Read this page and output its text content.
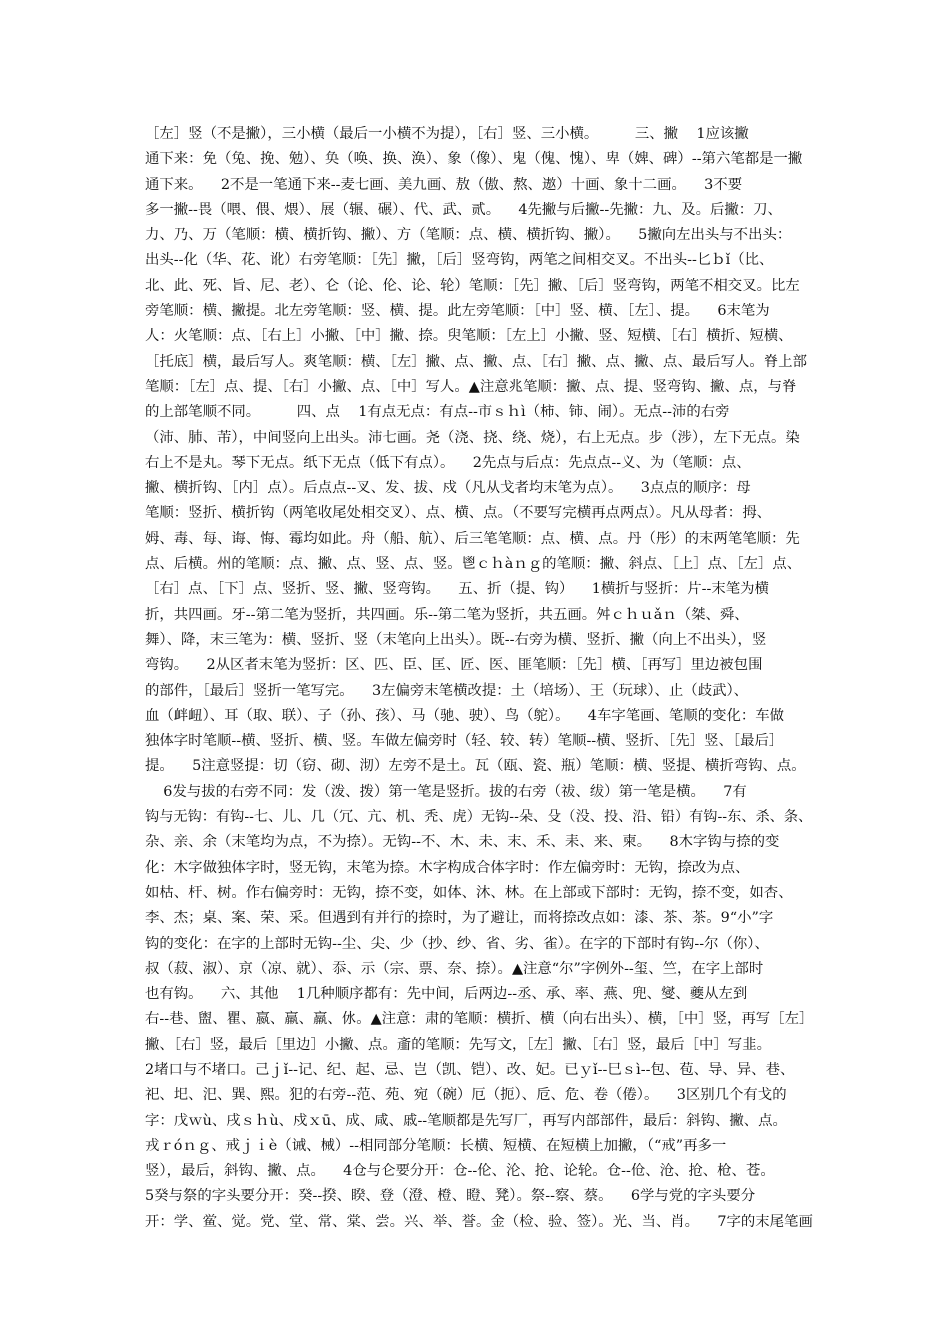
［左］竖（不是撇），三小横（最后一小横不为提），［右］竖、三小横。        三、撇    1应该撇
通下来：免（兔、挽、勉）、奂（唤、换、涣）、象（像）、鬼（傀、愧）、卑（婢、碑）--第六笔都是一撇
通下来。    2不是一笔通下来--麦七画、美九画、敖（傲、熬、遨）十画、象十二画。    3不要
多一撇--畏（喂、偎、煨）、展（辗、碾）、代、武、贰。    4先撇与后撇--先撇：九、及。后撇：刀、
力、乃、万（笔顺：横、横折钩、撇）、方（笔顺：点、横、横折钩、撇）。    5撇向左出头与不出头：
出头--化（华、花、讹）右旁笔顺：［先］撇，［后］竖弯钩，两笔之间相交叉。不出头--匕ｂǐ（比、
北、此、死、旨、尼、老）、仑（论、伦、论、轮）笔顺：［先］撇、［后］竖弯钩，两笔不相交叉。比左
旁笔顺：横、撇提。北左旁笔顺：竖、横、提。此左旁笔顺：［中］竖、横、［左］、提。    6末笔为
人：火笔顺：点、［右上］小撇、［中］撇、捺。臾笔顺：［左上］小撇、竖、短横、［右］横折、短横、
［托底］横，最后写人。爽笔顺：横、［左］撇、点、撇、点、［右］撇、点、撇、点、最后写人。脊上部
笔顺：［左］点、提、［右］小撇、点、［中］写人。▲注意兆笔顺：撇、点、提、竖弯钩、撇、点，与脊
的上部笔顺不同。        四、点    1有点无点：有点--市ｓｈì（柿、铈、闹）。无点--沛的右旁
（沛、肺、芾），中间竖向上出头。沛七画。尧（浇、挠、绕、烧），右上无点。步（涉），左下无点。染
右上不是丸。琴下无点。纸下无点（低下有点）。    2先点与后点：先点点--义、为（笔顺：点、
撇、横折钩、［内］点）。后点点--叉、发、拔、戍（凡从戈者均末笔为点）。    3点点的顺序：母
笔顺：竖折、横折钩（两笔收尾处相交叉）、点、横、点。（不要写完横再点两点）。凡从母者：拇、
姆、毒、每、诲、悔、霉均如此。舟（船、航）、后三笔笔顺：点、横、点。丹（彤）的末两笔笔顺：先
点、后横。州的笔顺：点、撇、点、竖、点、竖。鬯ｃｈàｎｇ的笔顺：撇、斜点、［上］点、［左］点、
［右］点、［下］点、竖折、竖、撇、竖弯钩。    五、折（提、钩）    1横折与竖折：片--末笔为横
折，共四画。牙--第二笔为竖折，共四画。乐--第二笔为竖折，共五画。舛ｃｈｕǎｎ（桀、舜、
舞）、降，末三笔为：横、竖折、竖（末笔向上出头）。既--右旁为横、竖折、撇（向上不出头），竖
弯钩。    2从区者末笔为竖折：区、匹、臣、匡、匠、医、匪笔顺：［先］横、［再写］里边被包围
的部件，［最后］竖折一笔写完。    3左偏旁末笔横改提：土（培场）、王（玩球）、止（歧武）、
血（衅衄）、耳（取、联）、子（孙、孩）、马（驰、驶）、鸟（鸵）。    4车字笔画、笔顺的变化：车做
独体字时笔顺--横、竖折、横、竖。车做左偏旁时（轻、较、转）笔顺--横、竖折、［先］竖、［最后］
提。    5注意竖提：切（窃、砌、沏）左旁不是土。瓦（瓯、瓷、瓶）笔顺：横、竖提、横折弯钩、点。
6发与拔的右旁不同：发（泼、拨）第一笔是竖折。拔的右旁（祓、绂）第一笔是横。    7有
钩与无钩：有钩--七、儿、几（冗、亢、机、秃、虎）无钩--朵、殳（没、投、沿、铅）有钩--东、杀、条、
杂、亲、余（末笔均为点，不为捺）。无钩--不、木、未、末、禾、耒、来、柬。    8木字钩与捺的变
化：木字做独体字时，竖无钩，末笔为捺。木字构成合体字时：作左偏旁时：无钩，捺改为点、
如枯、杆、树。作右偏旁时：无钩，捺不变，如体、沐、林。在上部或下部时：无钩，捺不变，如杏、
李、杰；桌、案、荣、采。但遇到有并行的捺时，为了避让，而将捺改点如：漆、茶、茶。9“小”字
钩的变化：在字的上部时无钩--尘、尖、少（抄、纱、省、劣、雀）。在字的下部时有钩--尔（你）、
叔（菽、淑）、京（凉、就）、忝、示（宗、票、奈、捺）。▲注意“尔”字例外--玺、竺，在字上部时
也有钩。    六、其他    1几种顺序都有：先中间，后两边--丞、承、率、燕、兜、燮、夔从左到
右--巷、盥、瞿、嬴、羸、羸、㲻。▲注意：肃的笔顺：横折、横（向右出头）、横，［中］竖，再写［左］
撇、［右］竖，最后［里边］小撇、点。齑的笔顺：先写文，［左］撇、［右］竖，最后［中］写韭。
2堵口与不堵口。己ｊǐ--记、纪、起、忌、岂（凯、铠）、改、妃。已ｙǐ--巳ｓì--包、苞、导、异、巷、
祀、圯、汜、巽、熙。犯的右旁--范、苑、宛（碗）厄（扼）、卮、危、卷（倦）。    3区别几个有戈的
字：戊ｗù、戌ｓｈù、戍ｘū、成、咸、戚--笔顺都是先写厂，再写内部部件，最后：斜钩、撇、点。
戎ｒóｎｇ、戒ｊｉè（诫、械）--相同部分笔顺：长横、短横、在短横上加撇，（“戒”再多一
竖），最后，斜钩、撇、点。    4仓与仑要分开：仓--伦、沦、抢、论轮。仓--伧、沧、抢、枪、苍。
5癸与祭的字头要分开：癸--揆、睽、登（澄、橙、瞪、凳）。祭--察、蔡。    6学与党的字头要分
开：学、鲎、觉。党、堂、常、棠、尝。兴、举、誉。金（检、验、签）。光、当、肖。    7字的末尾笔画
